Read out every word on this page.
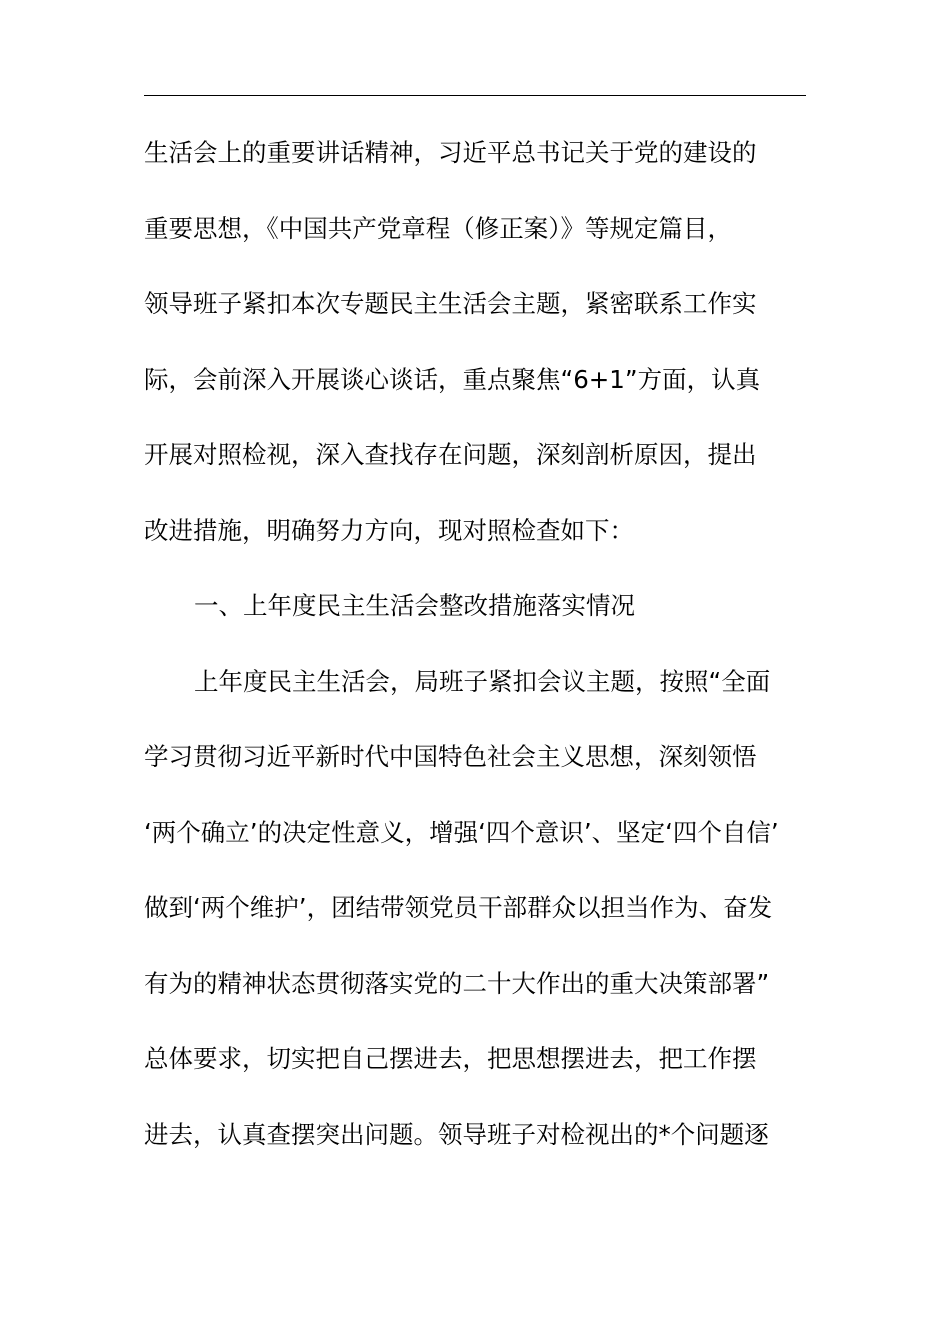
生活会上的重要讲话精神，习近平总书记关于党的建设的
重要思想，《中国共产党章程（修正案）》等规定篇目，
领导班子紧扣本次专题民主生活会主题，紧密联系工作实
际，会前深入开展谈心谈话，重点聚焦“6+1”方面，认真
开展对照检视，深入查找存在问题，深刻剖析原因，提出
改进措施，明确努力方向，现对照检查如下：
一、上年度民主生活会整改措施落实情况
上年度民主生活会，局班子紧扣会议主题，按照“全面
学习贯彻习近平新时代中国特色社会主义思想，深刻领悟
‘两个确立’的决定性意义，增强‘四个意识’、坚定‘四个自信’
做到‘两个维护’，团结带领党员干部群众以担当作为、奋发
有为的精神状态贯彻落实党的二十大作出的重大决策部署”
总体要求，切实把自己摆进去，把思想摆进去，把工作摆
进去，认真查摆突出问题。领导班子对检视出的*个问题逐
